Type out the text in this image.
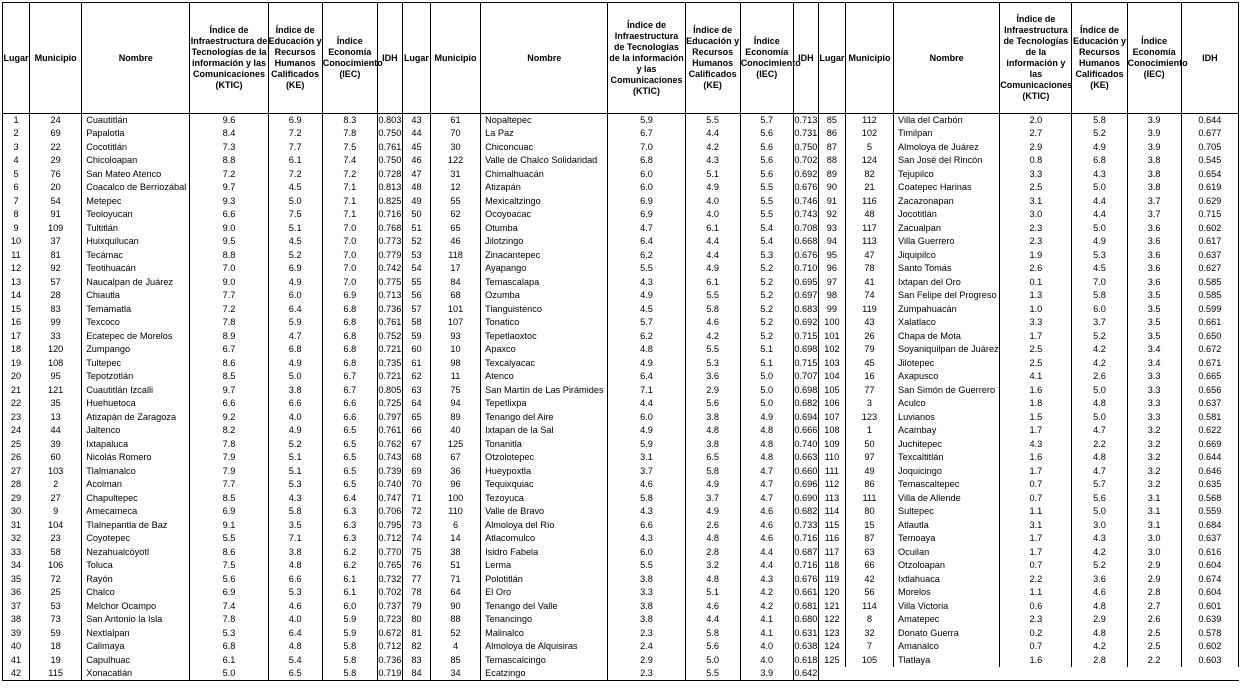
Lugar	Municipio	Nombre	Índice de Infraestructura de Tecnologías de la información y las Comunicaciones (KTIC)	Índice de Educación y Recursos Humanos Calificados (KE)	Índice Economía Conocimiento (IEC)	IDH	Lugar	Municipio	Nombre	Índice de Infraestructura de Tecnologías de la información y las Comunicaciones (KTIC)	Índice de Educación y Recursos Humanos Calificados (KE)	Índice Economía Conocimiento (IEC)	IDH	Lugar	Municipio	Nombre	Índice de Infraestructura de Tecnologías de la información y las Comunicaciones (KTIC)	Índice de Educación y Recursos Humanos Calificados (KE)	Índice Economía Conocimiento (IEC)	IDH
1	24	Cuautitlán	9.6	6.9	8.3	0.803	43	61	Nopaltepec	5.9	5.5	5.7	0.713	85	112	Villa del Carbón	2.0	5.8	3.9	0.644
2	69	Papalotla	8.4	7.2	7.8	0.750	44	70	La Paz	6.7	4.4	5.6	0.731	86	102	Timilpan	2.7	5.2	3.9	0.677
3	22	Cocotitlán	7.3	7.7	7.5	0.761	45	30	Chiconcuac	7.0	4.2	5.6	0.750	87	5	Almoloya de Juárez	2.9	4.9	3.9	0.705
4	29	Chicoloapan	8.8	6.1	7.4	0.750	46	122	Valle de Chalco Solidaridad	6.8	4.3	5.6	0.702	88	124	San José del Rincón	0.8	6.8	3.8	0.545
5	76	San Mateo Atenco	7.2	7.2	7.2	0.728	47	31	Chimalhuacán	6.0	5.1	5.6	0.692	89	82	Tejupilco	3.3	4.3	3.8	0.654
6	20	Coacalco de Berriozábal	9.7	4.5	7.1	0.813	48	12	Atizapán	6.0	4.9	5.5	0.676	90	21	Coatepec Harinas	2.5	5.0	3.8	0.619
7	54	Metepec	9.3	5.0	7.1	0.825	49	55	Mexicaltzingo	6.9	4.0	5.5	0.746	91	116	Zacazonapan	3.1	4.4	3.7	0.629
8	91	Teoloyucan	6.6	7.5	7.1	0.716	50	62	Ocoyoacac	6.9	4.0	5.5	0.743	92	48	Jocotitlán	3.0	4.4	3.7	0.715
9	109	Tultitlán	9.0	5.1	7.0	0.768	51	65	Otumba	4.7	6.1	5.4	0.708	93	117	Zacualpan	2.3	5.0	3.6	0.602
10	37	Huixquilucan	9.5	4.5	7.0	0.773	52	46	Jilotzingo	6.4	4.4	5.4	0.668	94	113	Villa Guerrero	2.3	4.9	3.6	0.617
11	81	Tecámac	8.8	5.2	7.0	0.779	53	118	Zinacantepec	6.2	4.4	5.3	0.676	95	47	Jiquipilco	1.9	5.3	3.6	0.637
12	92	Teotihuacán	7.0	6.9	7.0	0.742	54	17	Ayapango	5.5	4.9	5.2	0.710	96	78	Santo Tomás	2.6	4.5	3.6	0.627
13	57	Naucalpan de Juárez	9.0	4.9	7.0	0.775	55	84	Temascalapa	4.3	6.1	5.2	0.695	97	41	Ixtapan del Oro	0.1	7.0	3.6	0.585
14	28	Chiautla	7.7	6.0	6.9	0.713	56	68	Ozumba	4.9	5.5	5.2	0.697	98	74	San Felipe del Progreso	1.3	5.8	3.5	0.585
15	83	Temamatla	7.2	6.4	6.8	0.736	57	101	Tianguistenco	4.5	5.8	5.2	0.683	99	119	Zumpahuacán	1.0	6.0	3.5	0.599
16	99	Texcoco	7.8	5.9	6.8	0.761	58	107	Tonatico	5.7	4.6	5.2	0.692	100	43	Xalatlaco	3.3	3.7	3.5	0.661
17	33	Ecatepec de Morelos	8.9	4.7	6.8	0.752	59	93	Tepetlaoxtoc	6.2	4.2	5.2	0.715	101	26	Chapa de Mota	1.7	5.2	3.5	0.650
18	120	Zumpango	6.7	6.8	6.8	0.721	60	10	Apaxco	4.8	5.5	5.1	0.698	102	79	Soyaniquilpan de Juárez	2.5	4.2	3.4	0.672
19	108	Tultepec	8.6	4.9	6.8	0.735	61	98	Texcalyacac	4.9	5.3	5.1	0.715	103	45	Jilotepec	2.5	4.2	3.4	0.671
20	95	Tepotzotlán	8.5	5.0	6.7	0.721	62	11	Atenco	6.4	3.6	5.0	0.707	104	16	Axapusco	4.1	2.6	3.3	0.665
21	121	Cuautitlán Izcalli	9.7	3.8	6.7	0.805	63	75	San Martín de Las Pirámides	7.1	2.9	5.0	0.698	105	77	San Simón de Guerrero	1.6	5.0	3.3	0.656
22	35	Huehuetoca	6.6	6.6	6.6	0.725	64	94	Tepetlixpa	4.4	5.6	5.0	0.682	106	3	Aculco	1.8	4.8	3.3	0.637
23	13	Atizapán de Zaragoza	9.2	4.0	6.6	0.797	65	89	Tenango del Aire	6.0	3.8	4.9	0.694	107	123	Luvianos	1.5	5.0	3.3	0.581
24	44	Jaltenco	8.2	4.9	6.5	0.761	66	40	Ixtapan de la Sal	4.9	4.8	4.8	0.666	108	1	Acambay	1.7	4.7	3.2	0.622
25	39	Ixtapaluca	7.8	5.2	6.5	0.762	67	125	Tonanitla	5.9	3.8	4.8	0.740	109	50	Juchitepec	4.3	2.2	3.2	0.669
26	60	Nicolás Romero	7.9	5.1	6.5	0.743	68	67	Otzolotepec	3.1	6.5	4.8	0.663	110	97	Texcaltitlán	1.6	4.8	3.2	0.644
27	103	Tlalmanalco	7.9	5.1	6.5	0.739	69	36	Hueypoxtla	3.7	5.8	4.7	0.660	111	49	Joquicingo	1.7	4.7	3.2	0.646
28	2	Acolman	7.7	5.3	6.5	0.740	70	96	Tequixquiac	4.6	4.9	4.7	0.696	112	86	Temascaltepec	0.7	5.7	3.2	0.635
29	27	Chapultepec	8.5	4.3	6.4	0.747	71	100	Tezoyuca	5.8	3.7	4.7	0.690	113	111	Villa de Allende	0.7	5.6	3.1	0.568
30	9	Amecameca	6.9	5.8	6.3	0.706	72	110	Valle de Bravo	4.3	4.9	4.6	0.682	114	80	Sultepec	1.1	5.0	3.1	0.559
31	104	Tlalnepantla de Baz	9.1	3.5	6.3	0.795	73	6	Almoloya del Río	6.6	2.6	4.6	0.733	115	15	Atlautla	3.1	3.0	3.1	0.684
32	23	Coyotepec	5.5	7.1	6.3	0.712	74	14	Atlacomulco	4.3	4.8	4.6	0.716	116	87	Temoaya	1.7	4.3	3.0	0.637
33	58	Nezahualcóyotl	8.6	3.8	6.2	0.770	75	38	Isidro Fabela	6.0	2.8	4.4	0.687	117	63	Ocuilan	1.7	4.2	3.0	0.616
34	106	Toluca	7.5	4.8	6.2	0.765	76	51	Lerma	5.5	3.2	4.4	0.716	118	66	Otzoloapan	0.7	5.2	2.9	0.604
35	72	Rayón	5.6	6.6	6.1	0.732	77	71	Polotitlán	3.8	4.8	4.3	0.676	119	42	Ixtlahuaca	2.2	3.6	2.9	0.674
36	25	Chalco	6.9	5.3	6.1	0.702	78	64	El Oro	3.3	5.1	4.2	0.661	120	56	Morelos	1.1	4.6	2.8	0.604
37	53	Melchor Ocampo	7.4	4.6	6.0	0.737	79	90	Tenango del Valle	3.8	4.6	4.2	0.681	121	114	Villa Victoria	0.6	4.8	2.7	0.601
38	73	San Antonio la Isla	7.8	4.0	5.9	0.723	80	88	Tenancingo	3.8	4.4	4.1	0.680	122	8	Amatepec	2.3	2.9	2.6	0.639
39	59	Nextlalpan	5.3	6.4	5.9	0.672	81	52	Malinalco	2.3	5.8	4.1	0.631	123	32	Donato Guerra	0.2	4.8	2.5	0.578
40	18	Calimaya	6.8	4.8	5.8	0.712	82	4	Almoloya de Alquisiras	2.4	5.6	4.0	0.638	124	7	Amanalco	0.7	4.2	2.5	0.602
41	19	Capulhuac	6.1	5.4	5.8	0.736	83	85	Temascalcingo	2.9	5.0	4.0	0.618	125	105	Tlatlaya	1.6	2.8	2.2	0.603
42	115	Xonacatlán	5.0	6.5	5.8	0.719	84	34	Ecatzingo	2.3	5.5	3.9	0.642							
